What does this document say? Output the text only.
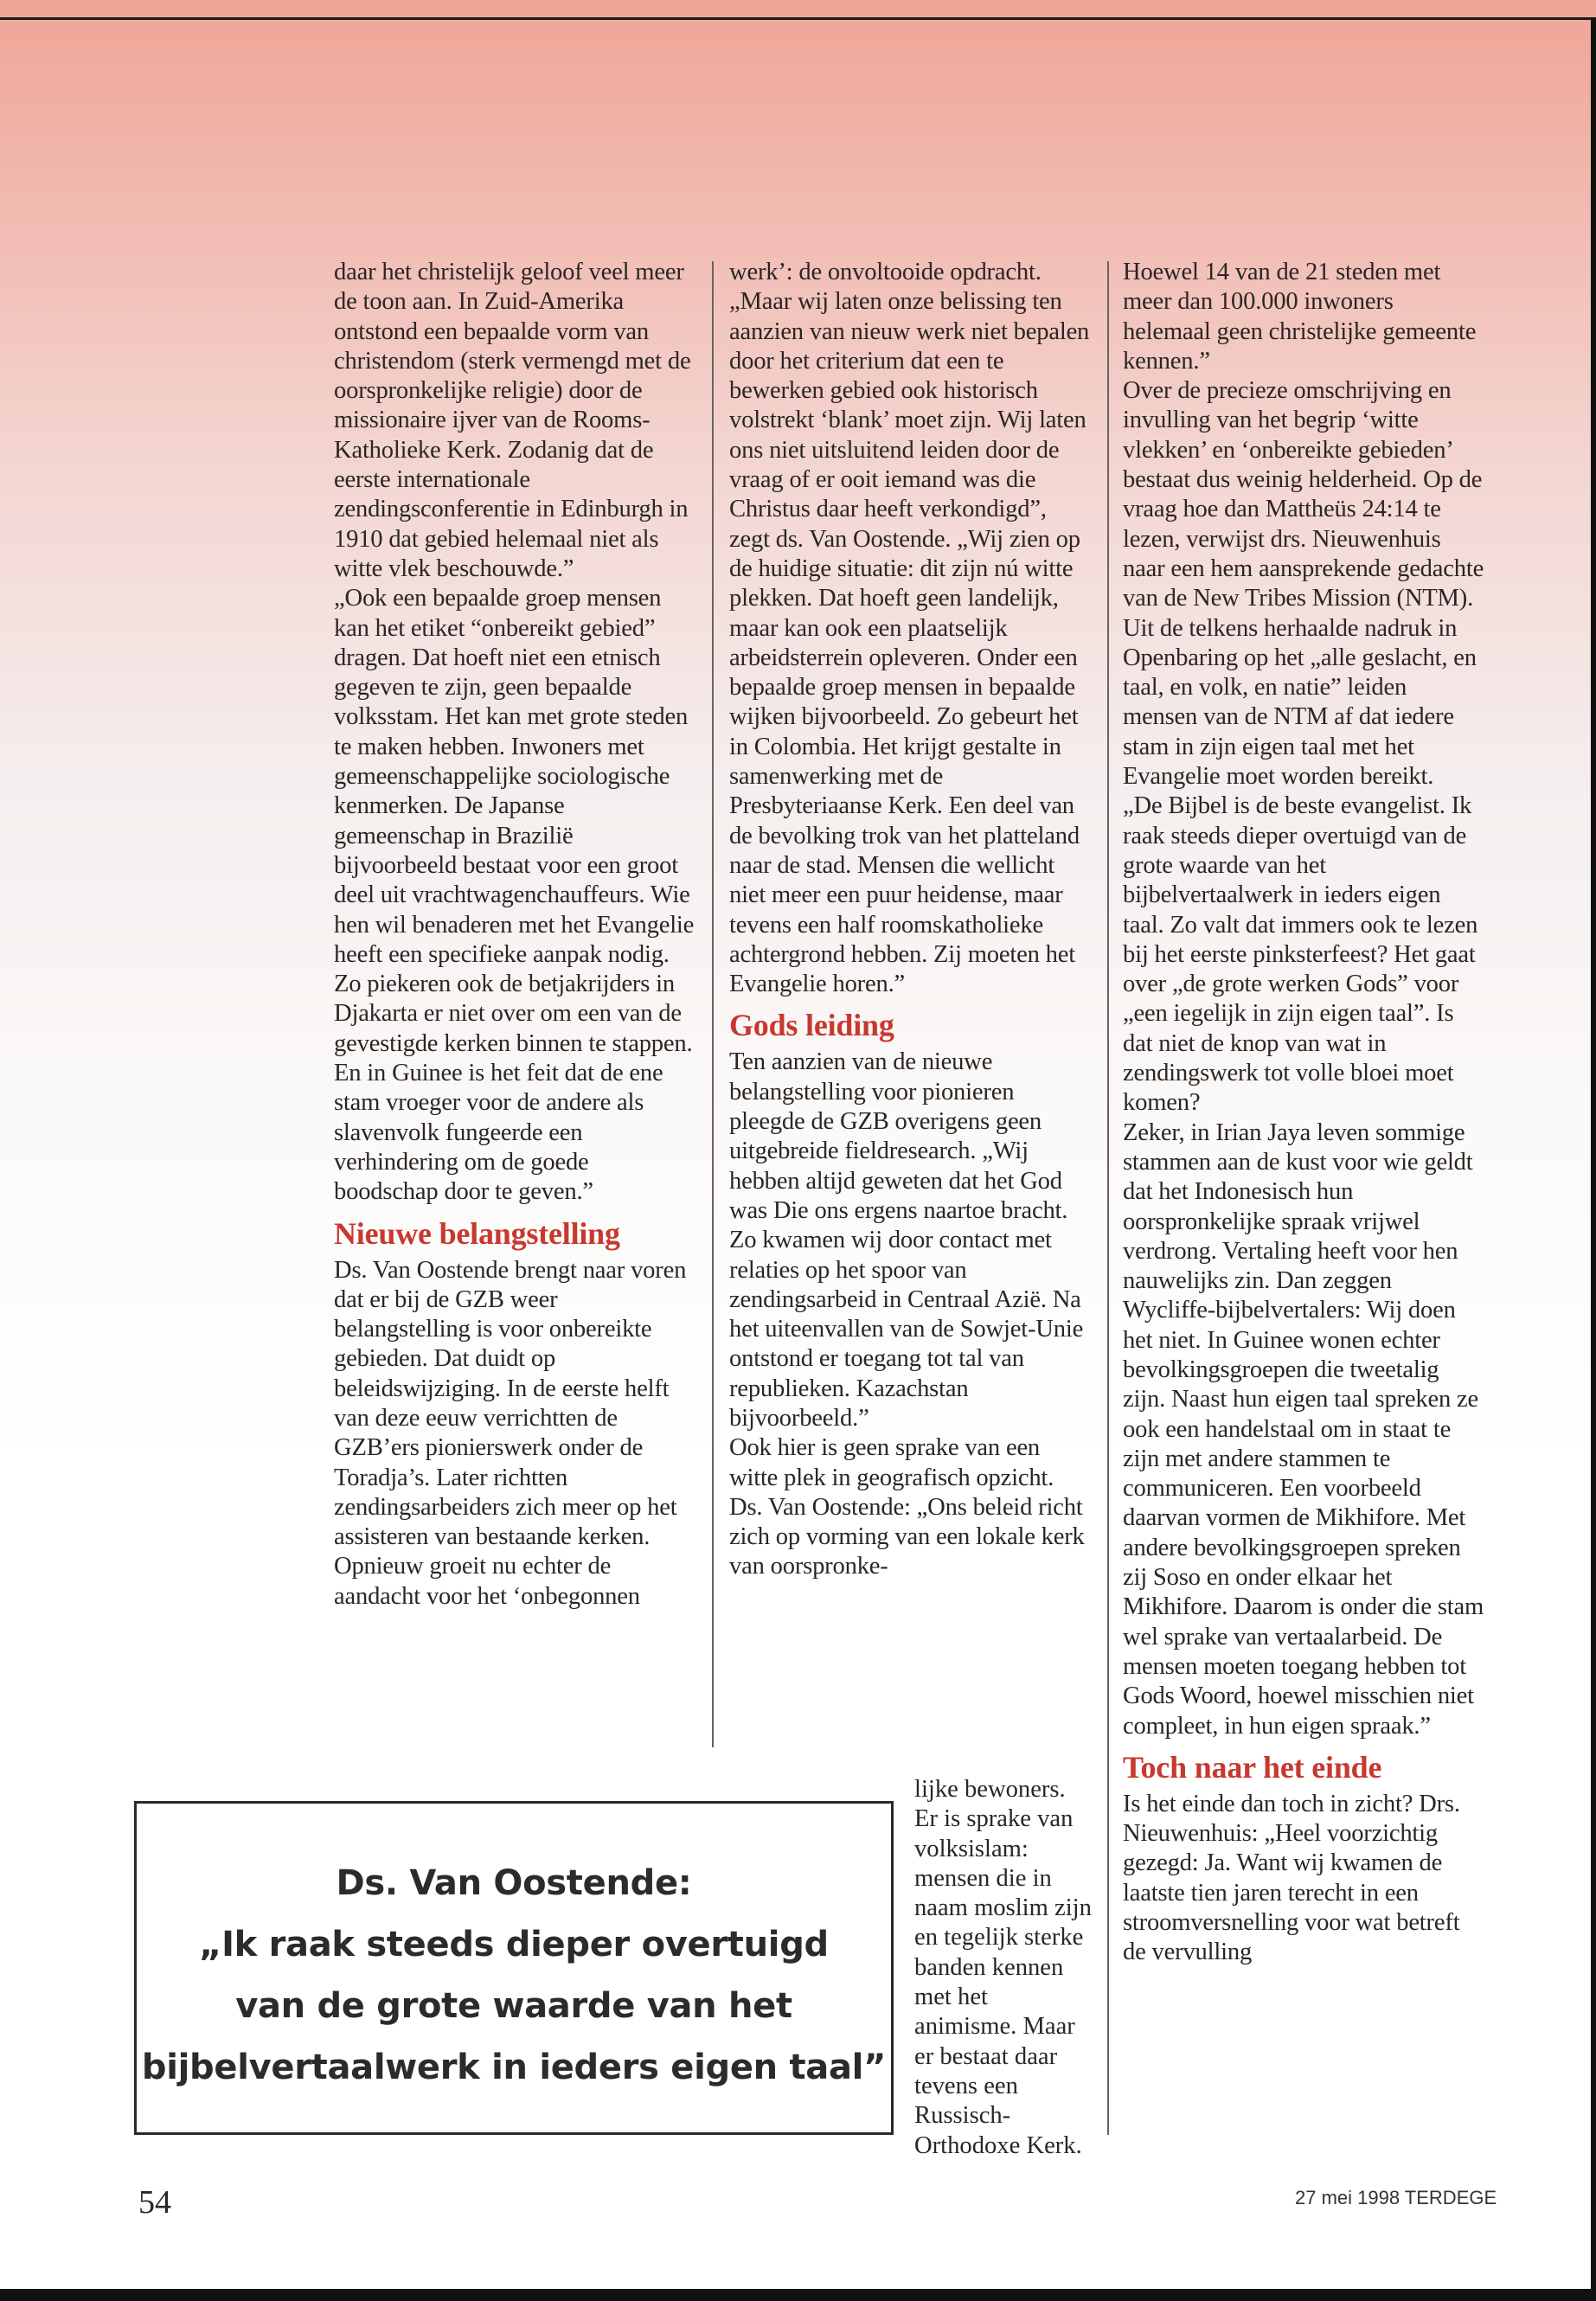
daar het christelijk geloof veel meer de toon aan. In Zuid-Amerika ontstond een bepaalde vorm van christendom (sterk vermengd met de oorspronkelijke religie) door de missionaire ijver van de Rooms-Katholieke Kerk. Zodanig dat de eerste internationale zendingsconferentie in Edinburgh in 1910 dat gebied helemaal niet als witte vlek beschouwde.”

„Ook een bepaalde groep mensen kan het etiket “onbereikt gebied” dragen. Dat hoeft niet een etnisch gegeven te zijn, geen bepaalde volksstam. Het kan met grote steden te maken hebben. Inwoners met gemeenschappelijke sociologische kenmerken. De Japanse gemeenschap in Brazilië bijvoorbeeld bestaat voor een groot deel uit vrachtwagenchauffeurs. Wie hen wil benaderen met het Evangelie heeft een specifieke aanpak nodig. Zo piekeren ook de betjakrijders in Djakarta er niet over om een van de gevestigde kerken binnen te stappen. En in Guinee is het feit dat de ene stam vroeger voor de andere als slavenvolk fungeerde een verhindering om de goede boodschap door te geven.”

Nieuwe belangstelling

Ds. Van Oostende brengt naar voren dat er bij de GZB weer belangstelling is voor onbereikte gebieden. Dat duidt op beleidswijziging. In de eerste helft van deze eeuw verrichtten de GZB’ers pionierswerk onder de Toradja’s. Later richtten zendingsarbeiders zich meer op het assisteren van bestaande kerken. Opnieuw groeit nu echter de aandacht voor het ‘onbegonnen

werk’: de onvoltooide opdracht. „Maar wij laten onze belissing ten aanzien van nieuw werk niet bepalen door het criterium dat een te bewerken gebied ook historisch volstrekt ‘blank’ moet zijn. Wij laten ons niet uitsluitend leiden door de vraag of er ooit iemand was die Christus daar heeft verkondigd”, zegt ds. Van Oostende. „Wij zien op de huidige situatie: dit zijn nú witte plekken. Dat hoeft geen landelijk, maar kan ook een plaatselijk arbeidsterrein opleveren. Onder een bepaalde groep mensen in bepaalde wijken bijvoorbeeld. Zo gebeurt het in Colombia. Het krijgt gestalte in samenwerking met de Presbyteriaanse Kerk. Een deel van de bevolking trok van het platteland naar de stad. Mensen die wellicht niet meer een puur heidense, maar tevens een half roomskatholieke achtergrond hebben. Zij moeten het Evangelie horen.”

Gods leiding

Ten aanzien van de nieuwe belangstelling voor pionieren pleegde de GZB overigens geen uitgebreide fieldresearch. „Wij hebben altijd geweten dat het God was Die ons ergens naartoe bracht. Zo kwamen wij door contact met relaties op het spoor van zendingsarbeid in Centraal Azië. Na het uiteenvallen van de Sowjet-Unie ontstond er toegang tot tal van republieken. Kazachstan bijvoorbeeld.”

Ook hier is geen sprake van een witte plek in geografisch opzicht. Ds. Van Oostende: „Ons beleid richt zich op vorming van een lokale kerk van oorspronke-

lijke bewoners. Er is sprake van volksislam: mensen die in naam moslim zijn en tegelijk sterke banden kennen met het animisme. Maar er bestaat daar tevens een Russisch-Orthodoxe Kerk.

Hoewel 14 van de 21 steden met meer dan 100.000 inwoners helemaal geen christelijke gemeente kennen.”

Over de precieze omschrijving en invulling van het begrip ‘witte vlekken’ en ‘onbereikte gebieden’ bestaat dus weinig helderheid. Op de vraag hoe dan Mattheüs 24:14 te lezen, verwijst drs. Nieuwenhuis naar een hem aansprekende gedachte van de New Tribes Mission (NTM). Uit de telkens herhaalde nadruk in Openbaring op het „alle geslacht, en taal, en volk, en natie” leiden mensen van de NTM af dat iedere stam in zijn eigen taal met het Evangelie moet worden bereikt.

„De Bijbel is de beste evangelist. Ik raak steeds dieper overtuigd van de grote waarde van het bijbelvertaalwerk in ieders eigen taal. Zo valt dat immers ook te lezen bij het eerste pinksterfeest? Het gaat over „de grote werken Gods” voor „een iegelijk in zijn eigen taal”. Is dat niet de knop van wat in zendingswerk tot volle bloei moet komen?

Zeker, in Irian Jaya leven sommige stammen aan de kust voor wie geldt dat het Indonesisch hun oorspronkelijke spraak vrijwel verdrong. Vertaling heeft voor hen nauwelijks zin. Dan zeggen Wycliffe-bijbelvertalers: Wij doen het niet. In Guinee wonen echter bevolkingsgroepen die tweetalig zijn. Naast hun eigen taal spreken ze ook een handelstaal om in staat te zijn met andere stammen te communiceren. Een voorbeeld daarvan vormen de Mikhifore. Met andere bevolkingsgroepen spreken zij Soso en onder elkaar het Mikhifore. Daarom is onder die stam wel sprake van vertaalarbeid. De mensen moeten toegang hebben tot Gods Woord, hoewel misschien niet compleet, in hun eigen spraak.”

Toch naar het einde

Is het einde dan toch in zicht? Drs. Nieuwenhuis: „Heel voorzichtig gezegd: Ja. Want wij kwamen de laatste tien jaren terecht in een stroomversnelling voor wat betreft de vervulling

Ds. Van Oostende:

„Ik raak steeds dieper overtuigd

van de grote waarde van het

bijbelvertaalwerk in ieders eigen taal”

54	27 mei 1998 TERDEGE
